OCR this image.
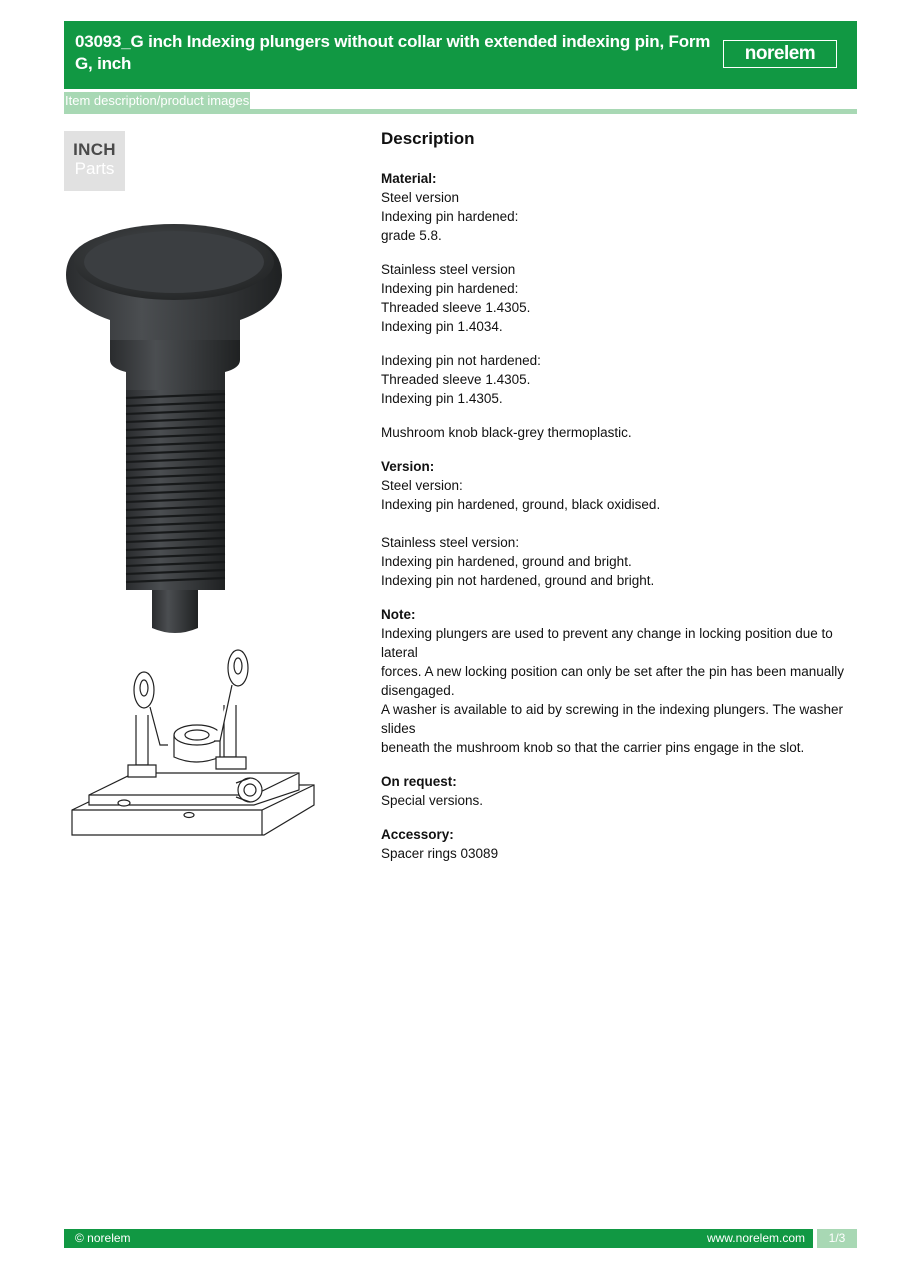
03093_G inch Indexing plungers without collar with extended indexing pin, Form G, inch	norelem
Item description/product images
INCH
Parts
Description
Material:
Steel version
Indexing pin hardened:
grade 5.8.
Stainless steel version
Indexing pin hardened:
Threaded sleeve 1.4305.
Indexing pin 1.4034.
Indexing pin not hardened:
Threaded sleeve 1.4305.
Indexing pin 1.4305.
Mushroom knob black-grey thermoplastic.
Version:
Steel version:
Indexing pin hardened, ground, black oxidised.
Stainless steel version:
Indexing pin hardened, ground and bright.
Indexing pin not hardened, ground and bright.
Note:
Indexing plungers are used to prevent any change in locking position due to lateral
forces. A new locking position can only be set after the pin has been manually
disengaged.
A washer is available to aid by screwing in the indexing plungers. The washer slides
beneath the mushroom knob so that the carrier pins engage in the slot.
On request:
Special versions.
Accessory:
Spacer rings 03089
© norelem	www.norelem.com	1/3
